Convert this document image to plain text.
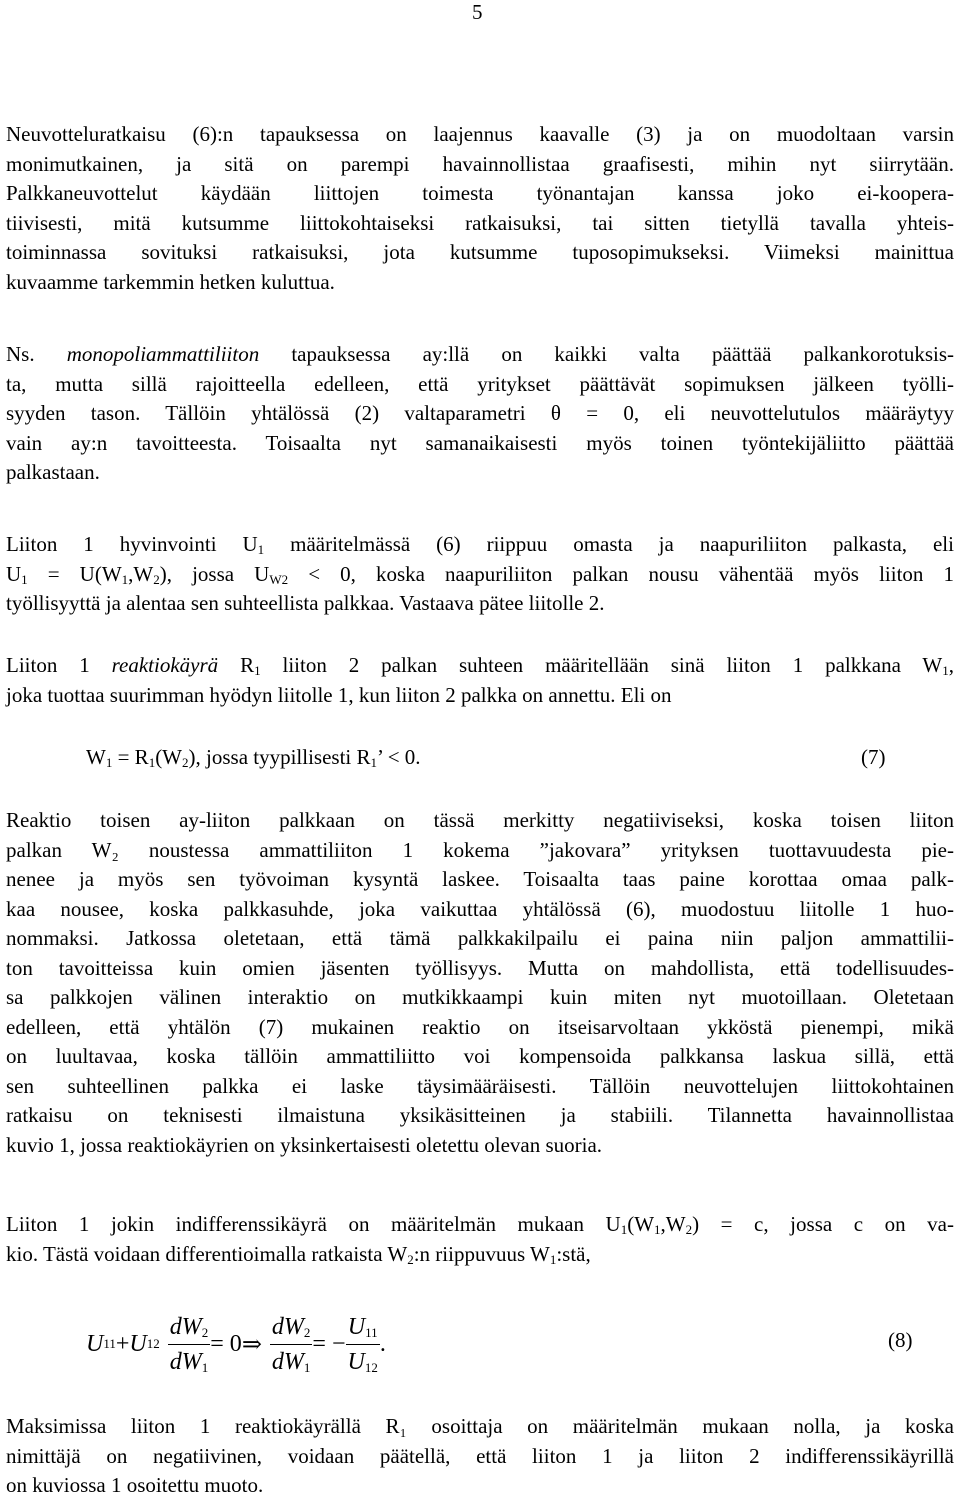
5
Neuvotteluratkaisu (6):n tapauksessa on laajennus kaavalle (3) ja on muodoltaan varsin
monimutkainen, ja sitä on parempi havainnollistaa graafisesti, mihin nyt siirrytään.
Palkkaneuvottelut käydään liittojen toimesta työnantajan kanssa joko ei-koopera-
tiivisesti, mitä kutsumme liittokohtaiseksi ratkaisuksi, tai sitten tietyllä tavalla yhteis-
toiminnassa sovituksi ratkaisuksi, jota kutsumme tuposopimukseksi. Viimeksi mainittua
kuvaamme tarkemmin hetken kuluttua.
Ns. monopoliammattiliiton tapauksessa ay:llä on kaikki valta päättää palkankorotuksis-
ta, mutta sillä rajoitteella edelleen, että yritykset päättävät sopimuksen jälkeen työlli-
syyden tason. Tällöin yhtälössä (2) valtaparametri θ = 0, eli neuvottelutulos määräytyy
vain ay:n tavoitteesta. Toisaalta nyt samanaikaisesti myös toinen työntekijäliitto päättää
palkastaan.
Liiton 1 hyvinvointi $U_1$ määritelmässä (6) riippuu omasta ja naapuriliiton palkasta, eli
$U_1 = U(W_1,W_2)$, jossa $U_{W2} < 0$, koska naapuriliiton palkan nousu vähentää myös liiton 1
työllisyyttä ja alentaa sen suhteellista palkkaa. Vastaava pätee liitolle 2.
Liiton 1 reaktiokäyrä $R_1$ liiton 2 palkan suhteen määritellään sinä liiton 1 palkkana $W_1$,
joka tuottaa suurimman hyödyn liitolle 1, kun liiton 2 palkka on annettu. Eli on
$W_1 = R_1(W_2)$, jossa tyypillisesti $R_1$’ < 0.	(7)
Reaktio toisen ay-liiton palkkaan on tässä merkitty negatiiviseksi, koska toisen liiton
palkan W₂ noustessa ammattiliiton 1 kokema ”jakovara” yrityksen tuottavuudesta pie-
nenee ja myös sen työvoiman kysyntä laskee. Toisaalta taas paine korottaa omaa palk-
kaa nousee, koska palkkasuhde, joka vaikuttaa yhtälössä (6), muodostuu liitolle 1 huo-
nommaksi. Jatkossa oletetaan, että tämä palkkakilpailu ei paina niin paljon ammattilii-
ton tavoitteissa kuin omien jäsenten työllisyys. Mutta on mahdollista, että todellisuudes-
sa palkkojen välinen interaktio on mutkikkaampi kuin miten nyt muotoillaan. Oletetaan
edelleen, että yhtälön (7) mukainen reaktio on itseisarvoltaan ykköstä pienempi, mikä
on luultavaa, koska tällöin ammattiliitto voi kompensoida palkkansa laskua sillä, että
sen suhteellinen palkka ei laske täysimääräisesti. Tällöin neuvottelujen liittokohtainen
ratkaisu on teknisesti ilmaistuna yksikäsitteinen ja stabiili. Tilannetta havainnollistaa
kuvio 1, jossa reaktiokäyrien on yksinkertaisesti oletettu olevan suoria.
Liiton 1 jokin indifferenssikäyrä on määritelmän mukaan $U_1(W_1,W_2) = c$, jossa c on va-
kio. Tästä voidaan differentioimalla ratkaista $W_2:n$ riippuvuus $W_1:stä$,
U 11 + U $12 \frac{dW_2}{dW_1} = 0$ ⇒ $\frac{dW_2}{dW_1}$ = − $\frac{U_{11}}{U_{12}}$ .	(8)
Maksimissa liiton 1 reaktiokäyrällä R₁ osoittaja on määritelmän mukaan nolla, ja koska
nimittäjä on negatiivinen, voidaan päätellä, että liiton 1 ja liiton 2 indifferenssikäyrillä
on kuviossa 1 osoitettu muoto.
